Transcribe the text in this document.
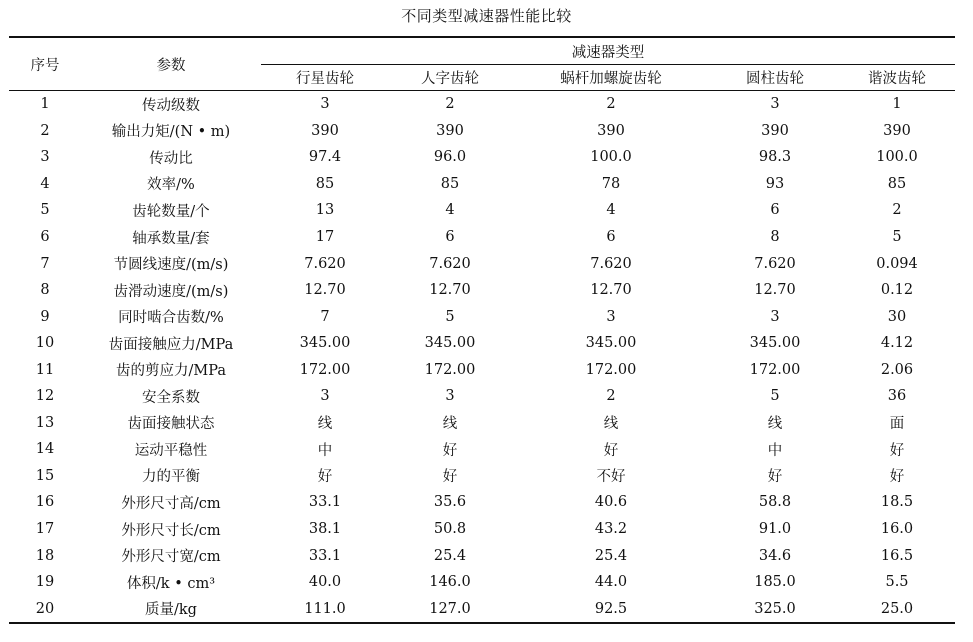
不同类型减速器性能比较
序号	参数	减速器类型				
		行星齿轮	人字齿轮	蜗杆加螺旋齿轮	圆柱齿轮	谐波齿轮
1	传动级数	3	2	2	3	1
2	输出力矩/(N • m)	390	390	390	390	390
3	传动比	97.4	96.0	100.0	98.3	100.0
4	效率/%	85	85	78	93	85
5	齿轮数量/个	13	4	4	6	2
6	轴承数量/套	17	6	6	8	5
7	节圆线速度/(m/s)	7.620	7.620	7.620	7.620	0.094
8	齿滑动速度/(m/s)	12.70	12.70	12.70	12.70	0.12
9	同时啮合齿数/%	7	5	3	3	30
10	齿面接触应力/MPa	345.00	345.00	345.00	345.00	4.12
11	齿的剪应力/MPa	172.00	172.00	172.00	172.00	2.06
12	安全系数	3	3	2	5	36
13	齿面接触状态	线	线	线	线	面
14	运动平稳性	中	好	好	中	好
15	力的平衡	好	好	不好	好	好
16	外形尺寸高/cm	33.1	35.6	40.6	58.8	18.5
17	外形尺寸长/cm	38.1	50.8	43.2	91.0	16.0
18	外形尺寸宽/cm	33.1	25.4	25.4	34.6	16.5
19	体积/k • cm³	40.0	146.0	44.0	185.0	5.5
20	质量/kg	111.0	127.0	92.5	325.0	25.0
